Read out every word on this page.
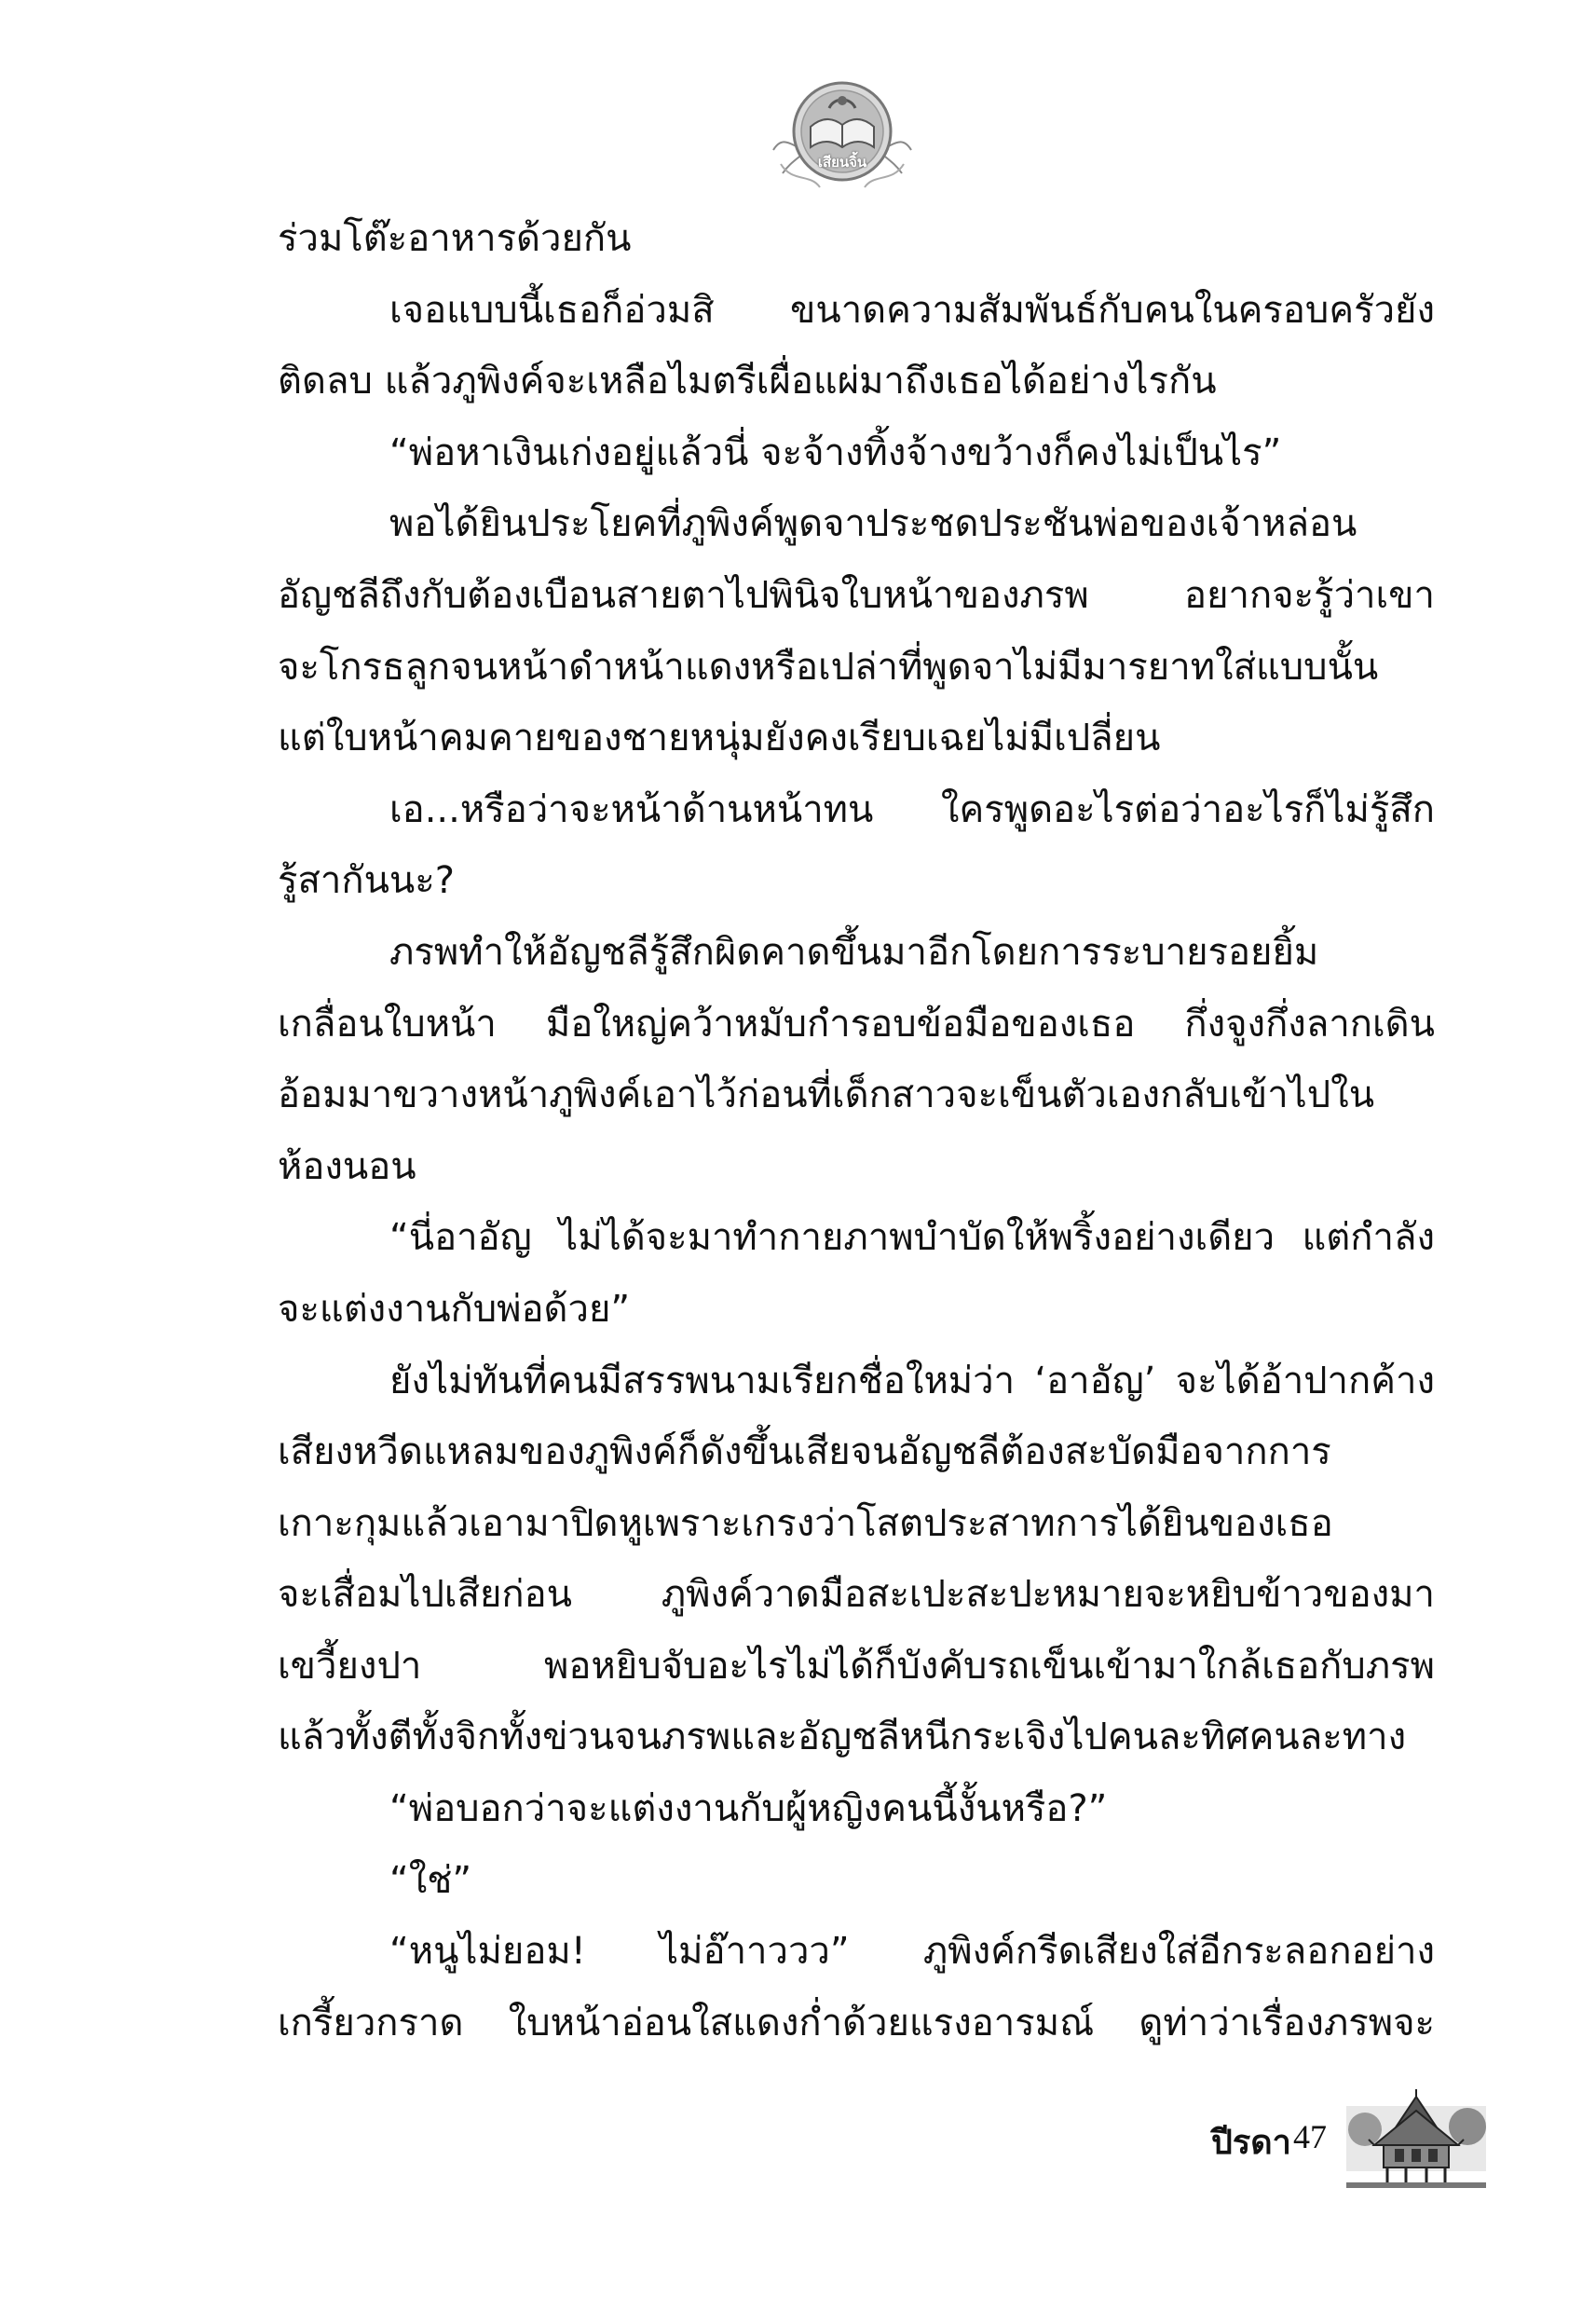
เสียนจิ้น
ร่วมโต๊ะอาหารด้วยกัน
เจอแบบนี้เธอก็อ่วมสิ ขนาดความสัมพันธ์กับคนในครอบครัวยัง
ติดลบ แล้วภูพิงค์จะเหลือไมตรีเผื่อแผ่มาถึงเธอได้อย่างไรกัน
“พ่อหาเงินเก่งอยู่แล้วนี่ จะจ้างทิ้งจ้างขว้างก็คงไม่เป็นไร”
พอได้ยินประโยคที่ภูพิงค์พูดจาประชดประชันพ่อของเจ้าหล่อน
อัญชลีถึงกับต้องเบือนสายตาไปพินิจใบหน้าของภรพ อยากจะรู้ว่าเขา
จะโกรธลูกจนหน้าดำหน้าแดงหรือเปล่าที่พูดจาไม่มีมารยาทใส่แบบนั้น
แต่ใบหน้าคมคายของชายหนุ่มยังคงเรียบเฉยไม่มีเปลี่ยน
เอ...หรือว่าจะหน้าด้านหน้าทน ใครพูดอะไรต่อว่าอะไรก็ไม่รู้สึก
รู้สากันนะ?
ภรพทำให้อัญชลีรู้สึกผิดคาดขึ้นมาอีกโดยการระบายรอยยิ้ม
เกลื่อนใบหน้า มือใหญ่คว้าหมับกำรอบข้อมือของเธอ กึ่งจูงกึ่งลากเดิน
อ้อมมาขวางหน้าภูพิงค์เอาไว้ก่อนที่เด็กสาวจะเข็นตัวเองกลับเข้าไปใน
ห้องนอน
“นี่อาอัญ ไม่ได้จะมาทำกายภาพบำบัดให้พริ้งอย่างเดียว แต่กำลัง
จะแต่งงานกับพ่อด้วย”
ยังไม่ทันที่คนมีสรรพนามเรียกชื่อใหม่ว่า ‘อาอัญ’ จะได้อ้าปากค้าง
เสียงหวีดแหลมของภูพิงค์ก็ดังขึ้นเสียจนอัญชลีต้องสะบัดมือจากการ
เกาะกุมแล้วเอามาปิดหูเพราะเกรงว่าโสตประสาทการได้ยินของเธอ
จะเสื่อมไปเสียก่อน ภูพิงค์วาดมือสะเปะสะปะหมายจะหยิบข้าวของมา
เขวี้ยงปา พอหยิบจับอะไรไม่ได้ก็บังคับรถเข็นเข้ามาใกล้เธอกับภรพ
แล้วทั้งตีทั้งจิกทั้งข่วนจนภรพและอัญชลีหนีกระเจิงไปคนละทิศคนละทาง
“พ่อบอกว่าจะแต่งงานกับผู้หญิงคนนี้งั้นหรือ?”
“ใช่”
“หนูไม่ยอม! ไม่อ๊าาววว” ภูพิงค์กรีดเสียงใส่อีกระลอกอย่าง
เกรี้ยวกราด ใบหน้าอ่อนใสแดงก่ำด้วยแรงอารมณ์ ดูท่าว่าเรื่องภรพจะ
ปีรดา 47
